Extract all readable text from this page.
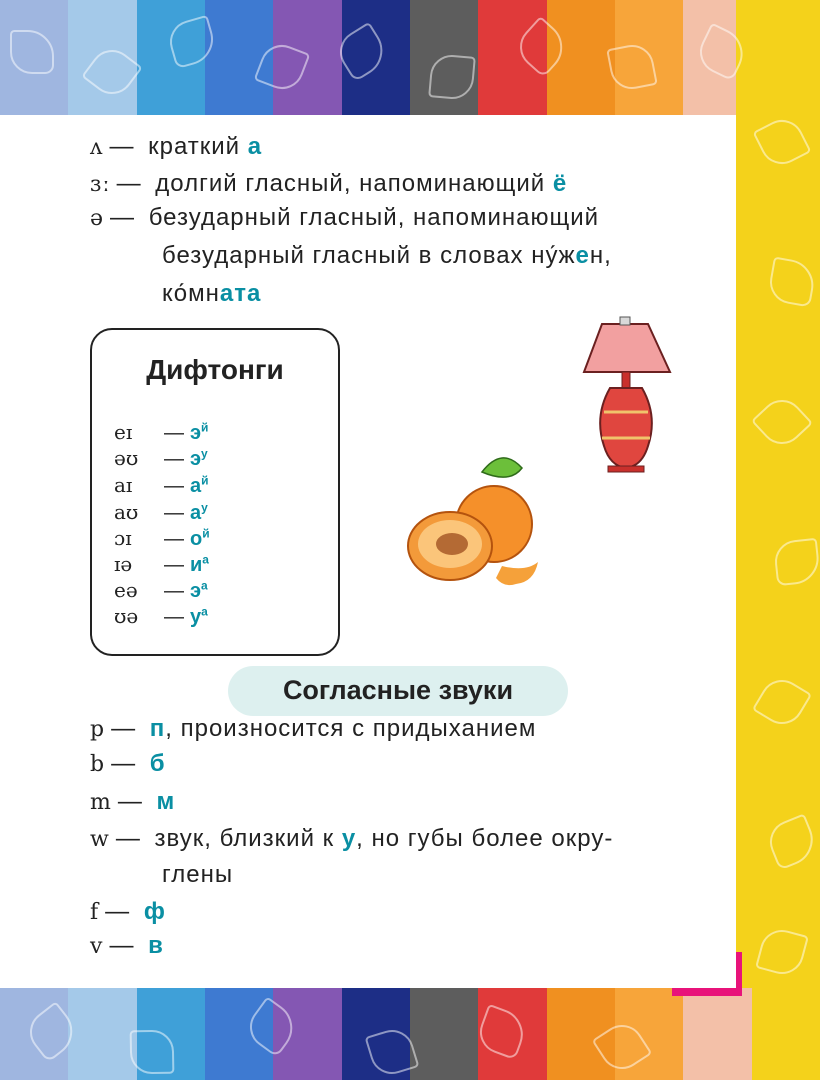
ʌ — краткий а
ɜː — долгий гласный, напоминающий ё
ə — безударный гласный, напоминающий
безударный гласный в словах ну́жен,
ко́мната
Дифтонги
eɪ — $э^й$
əʊ — $э^у$
aɪ — $а^й$
aʊ — $а^у$
ɔɪ — $о^й$
ɪə — $и^а$
eə — $э^а$
ʊə — $у^а$
Согласные звуки
p — п, произносится с придыханием
b — б
m — м
w — звук, близкий к у, но губы более окру-
глены
f — ф
v — в
